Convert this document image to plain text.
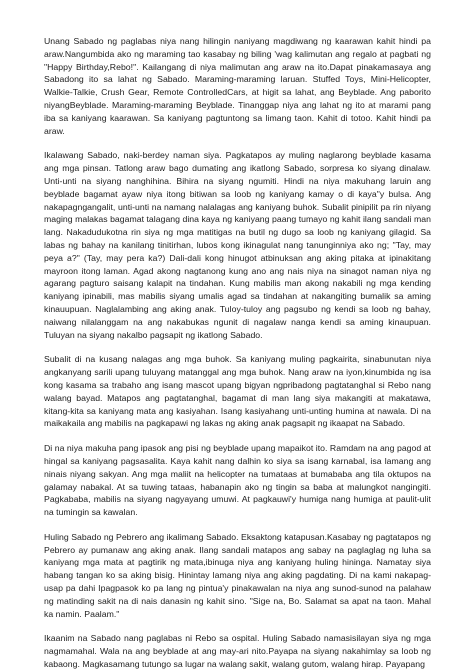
Unang Sabado ng paglabas niya nang hilingin naniyang magdiwang ng kaarawan kahit hindi pa araw.Nangumbida ako ng maraming tao kasabay ng biling 'wag kalimutan ang regalo at pagbati ng "Happy Birthday,Rebo!". Kailangang di niya malimutan ang araw na ito.Dapat pinakamasaya ang Sabadong ito sa lahat ng Sabado. Maraming-maraming laruan. Stuffed Toys, Mini-Helicopter, Walkie-Talkie, Crush Gear, Remote ControlledCars, at higit sa lahat, ang Beyblade. Ang paborito niyangBeyblade. Maraming-maraming Beyblade. Tinanggap niya ang lahat ng ito at marami pang iba sa kaniyang kaarawan. Sa kaniyang pagtuntong sa limang taon. Kahit di totoo. Kahit hindi pa araw.

Ikalawang Sabado, naki-berdey naman siya. Pagkatapos ay muling naglarong beyblade kasama ang mga pinsan. Tatlong araw bago dumating ang ikatlong Sabado, sorpresa ko siyang dinalaw. Unti-unti na siyang nanghihina. Bihira na siyang ngumiti. Hindi na niya makuhang laruin ang beyblade bagamat ayaw niya itong bitiwan sa loob ng kaniyang kamay o di kaya"y bulsa. Ang nakapagngangalit, unti-unti na namang nalalagas ang kaniyang buhok. Subalit pinipilit pa rin niyang maging malakas bagamat talagang dina kaya ng kaniyang paang tumayo ng kahit ilang sandali man lang. Nakadudukotna rin siya ng mga matitigas na butil ng dugo sa loob ng kaniyang gilagid. Sa labas ng bahay na kanilang tinitirhan, lubos kong ikinagulat nang tanunginniya ako ng; "Tay, may peya a?" (Tay, may pera ka?) Dali-dali kong hinugot atbinuksan ang aking pitaka at ipinakitang mayroon itong laman. Agad akong nagtanong kung ano ang nais niya na sinagot naman niya ng agarang pagturo saisang kalapit na tindahan. Kung mabilis man akong nakabili ng mga kending kaniyang ipinabili, mas mabilis siyang umalis agad sa tindahan at nakangiting bumalik sa aming kinauupuan. Naglalambing ang aking anak. Tuloy-tuloy ang pagsubo ng kendi sa loob ng bahay, naiwang nilalanggam na ang nakabukas ngunit di nagalaw nanga kendi sa aming kinaupuan. Tuluyan na siyang nakalbo pagsapit ng ikatlong Sabado.

Subalit di na kusang nalagas ang mga buhok. Sa kaniyang muling pagkairita, sinabunutan niya angkanyang sarili upang tuluyang matanggal ang mga buhok. Nang araw na iyon,kinumbida ng isa kong kasama sa trabaho ang isang mascot upang bigyan ngpribadong pagtatanghal si Rebo nang walang bayad. Matapos ang pagtatanghal, bagamat di man lang siya makangiti at makatawa, kitang-kita sa kaniyang mata ang kasiyahan. Isang kasiyahang unti-unting humina at nawala. Di na maikakaila ang mabilis na pagkapawi ng lakas ng aking anak pagsapit ng ikaapat na Sabado.

Di na niya makuha pang ipasok ang pisi ng beyblade upang mapaikot ito. Ramdam na ang pagod at hingal sa kaniyang pagsasalita. Kaya kahit nang dalhin ko siya sa isang karnabal, isa lamang ang ninais niyang sakyan. Ang mga maliit na helicopter na tumataas at bumababa ang tila oktupos na galamay nabakal. At sa tuwing tataas, habanapin ako ng tingin sa baba at malungkot nangingiti. Pagkababa, mabilis na siyang nagyayang umuwi. At pagkauwi'y humiga nang humiga at paulit-ulit na tumingin sa kawalan.

Huling Sabado ng Pebrero ang ikalimang Sabado. Eksaktong katapusan.Kasabay ng pagtatapos ng Pebrero ay pumanaw ang aking anak. Ilang sandali matapos ang sabay na paglaglag ng luha sa kaniyang mga mata at pagtirik ng mata,ibinuga niya ang kaniyang huling hininga. Namatay siya habang tangan ko sa aking bisig. Hinintay lamang niya ang aking pagdating. Di na kami nakapag-usap pa dahi Ipagpasok ko pa lang ng pintua'y pinakawalan na niya ang sunod-sunod na palahaw ng matinding sakit na di nais danasin ng kahit sino. "Sige na, Bo. Salamat sa apat na taon. Mahal ka namin. Paalam."

Ikaanim na Sabado nang paglabas ni Rebo sa ospital. Huling Sabado namasisilayan siya ng mga nagmamahal. Wala na ang beyblade at ang may-ari nito.Payapa na siyang nakahimlay sa loob ng kabaong. Magkasamang tutungo sa lugar na walang sakit, walang gutom, walang hirap. Payapang
